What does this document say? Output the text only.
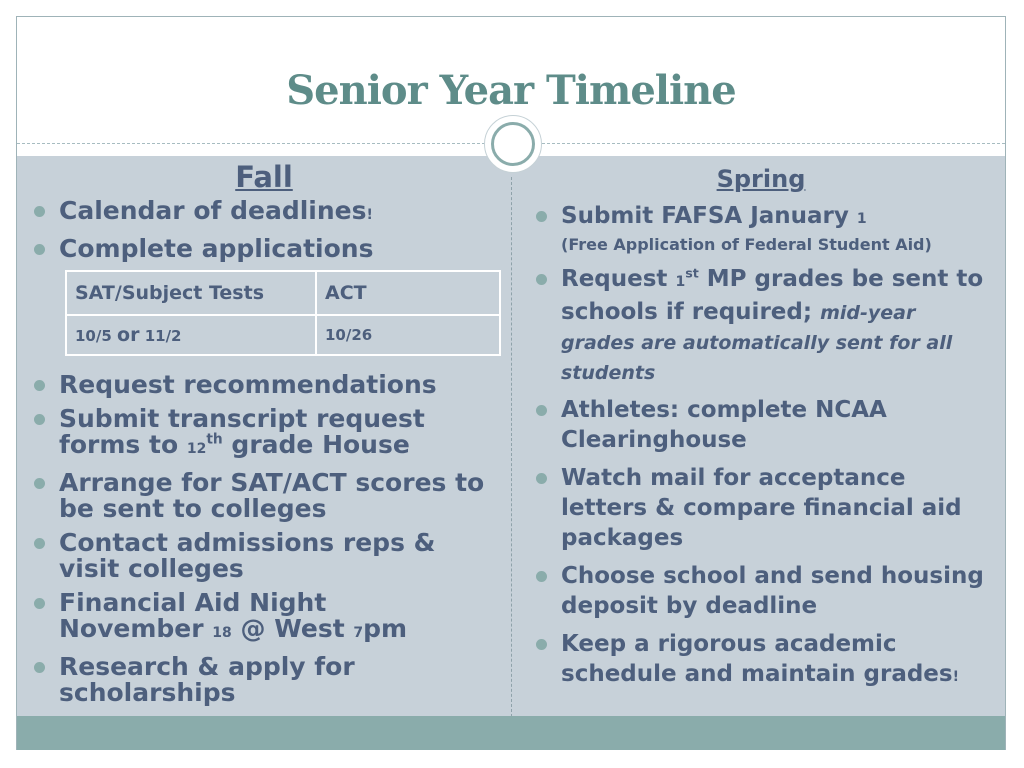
Senior Year Timeline

Fall

Calendar of deadlines!
Complete applications
SAT/Subject Tests	ACT
10/5 or 11/2	10/26
Request recommendations
Submit transcript request forms to 12th grade House
Arrange for SAT/ACT scores to be sent to colleges
Contact admissions reps & visit colleges
Financial Aid Night
November 18 @ West 7pm
Research & apply for scholarships

Spring

Submit FAFSA January 1
(Free Application of Federal Student Aid)
Request 1st MP grades be sent to schools if required; mid-year grades are automatically sent for all students
Athletes: complete NCAA Clearinghouse
Watch mail for acceptance letters & compare financial aid packages
Choose school and send housing deposit by deadline
Keep a rigorous academic schedule and maintain grades!
